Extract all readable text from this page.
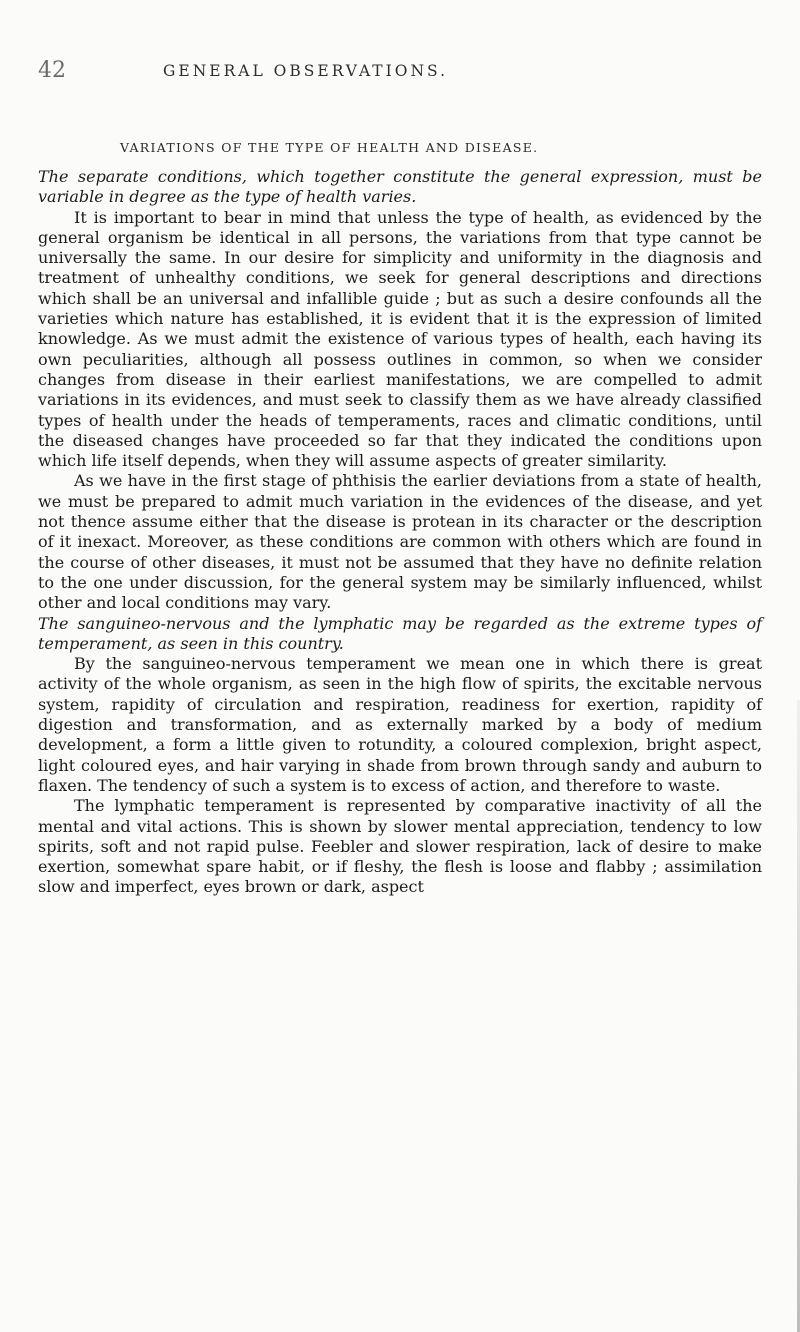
42	GENERAL OBSERVATIONS.
VARIATIONS OF THE TYPE OF HEALTH AND DISEASE.

The separate conditions, which together constitute the general expression, must be variable in degree as the type of health varies.

It is important to bear in mind that unless the type of health, as evidenced by the general organism be identical in all persons, the variations from that type cannot be universally the same. In our desire for simplicity and uniformity in the diagnosis and treatment of unhealthy conditions, we seek for general descriptions and directions which shall be an universal and infallible guide ; but as such a desire confounds all the varieties which nature has established, it is evident that it is the expression of limited knowledge. As we must admit the existence of various types of health, each having its own peculiarities, although all possess outlines in common, so when we consider changes from disease in their earliest manifestations, we are compelled to admit variations in its evidences, and must seek to classify them as we have already classified types of health under the heads of temperaments, races and climatic conditions, until the diseased changes have proceeded so far that they indicated the conditions upon which life itself depends, when they will assume aspects of greater similarity.

As we have in the first stage of phthisis the earlier deviations from a state of health, we must be prepared to admit much variation in the evidences of the disease, and yet not thence assume either that the disease is protean in its character or the description of it inexact. Moreover, as these conditions are common with others which are found in the course of other diseases, it must not be assumed that they have no definite relation to the one under discussion, for the general system may be similarly influenced, whilst other and local conditions may vary.

The sanguineo-nervous and the lymphatic may be regarded as the extreme types of temperament, as seen in this country.

By the sanguineo-nervous temperament we mean one in which there is great activity of the whole organism, as seen in the high flow of spirits, the excitable nervous system, rapidity of circulation and respiration, readiness for exertion, rapidity of digestion and transformation, and as externally marked by a body of medium development, a form a little given to rotundity, a coloured complexion, bright aspect, light coloured eyes, and hair varying in shade from brown through sandy and auburn to flaxen. The tendency of such a system is to excess of action, and therefore to waste.

The lymphatic temperament is represented by comparative inactivity of all the mental and vital actions. This is shown by slower mental appreciation, tendency to low spirits, soft and not rapid pulse. Feebler and slower respiration, lack of desire to make exertion, somewhat spare habit, or if fleshy, the flesh is loose and flabby ; assimilation slow and imperfect, eyes brown or dark, aspect
